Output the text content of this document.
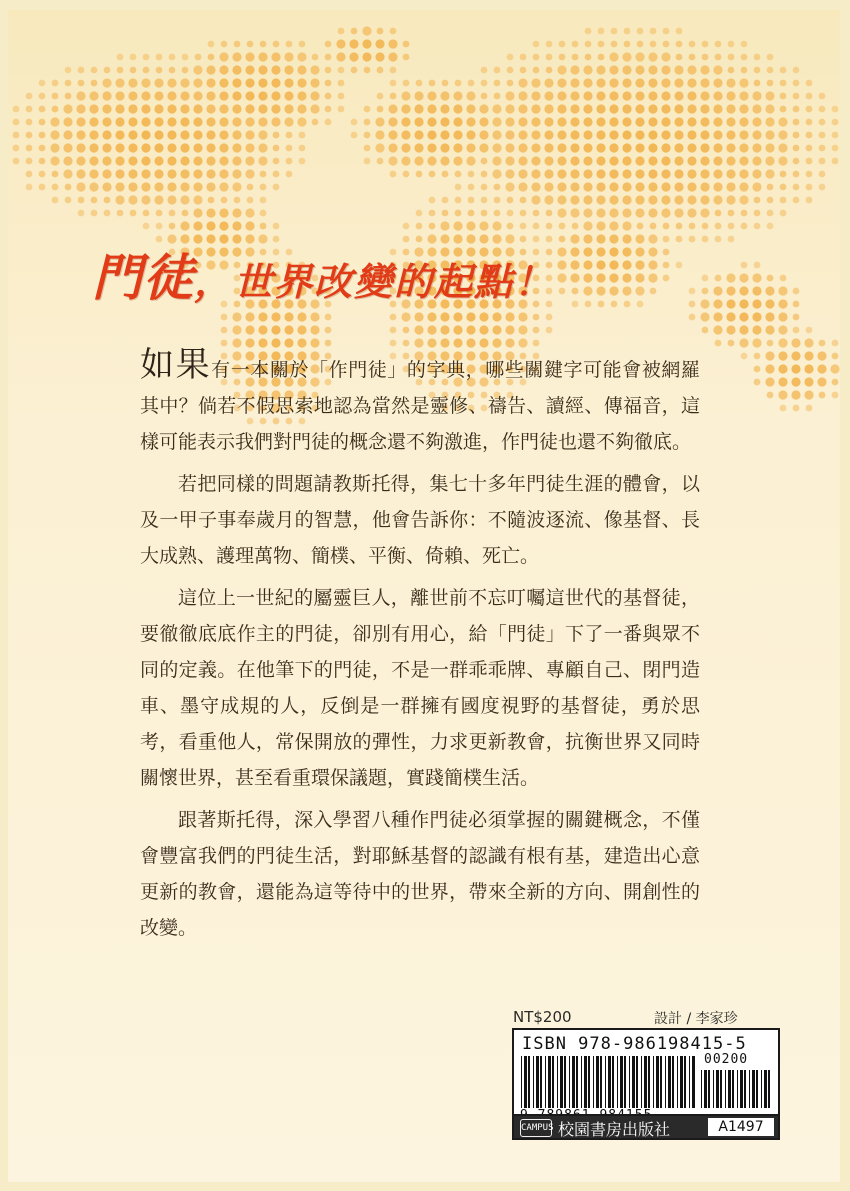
門徒，世界改變的起點！

如果有一本關於「作門徒」的字典，哪些關鍵字可能會被網羅其中？倘若不假思索地認為當然是靈修、禱告、讀經、傳福音，這樣可能表示我們對門徒的概念還不夠激進，作門徒也還不夠徹底。

若把同樣的問題請教斯托得，集七十多年門徒生涯的體會，以及一甲子事奉歲月的智慧，他會告訴你：不隨波逐流、像基督、長大成熟、護理萬物、簡樸、平衡、倚賴、死亡。

這位上一世紀的屬靈巨人，離世前不忘叮囑這世代的基督徒，要徹徹底底作主的門徒，卻別有用心，給「門徒」下了一番與眾不同的定義。在他筆下的門徒，不是一群乖乖牌、專顧自己、閉門造車、墨守成規的人，反倒是一群擁有國度視野的基督徒，勇於思考，看重他人，常保開放的彈性，力求更新教會，抗衡世界又同時關懷世界，甚至看重環保議題，實踐簡樸生活。

跟著斯托得，深入學習八種作門徒必須掌握的關鍵概念，不僅會豐富我們的門徒生活，對耶穌基督的認識有根有基，建造出心意更新的教會，還能為這等待中的世界，帶來全新的方向、開創性的改變。

NT$200	設計 / 李家珍
ISBN 978-986198415-5
00200
CAMPUS 校園書房出版社	A1497
